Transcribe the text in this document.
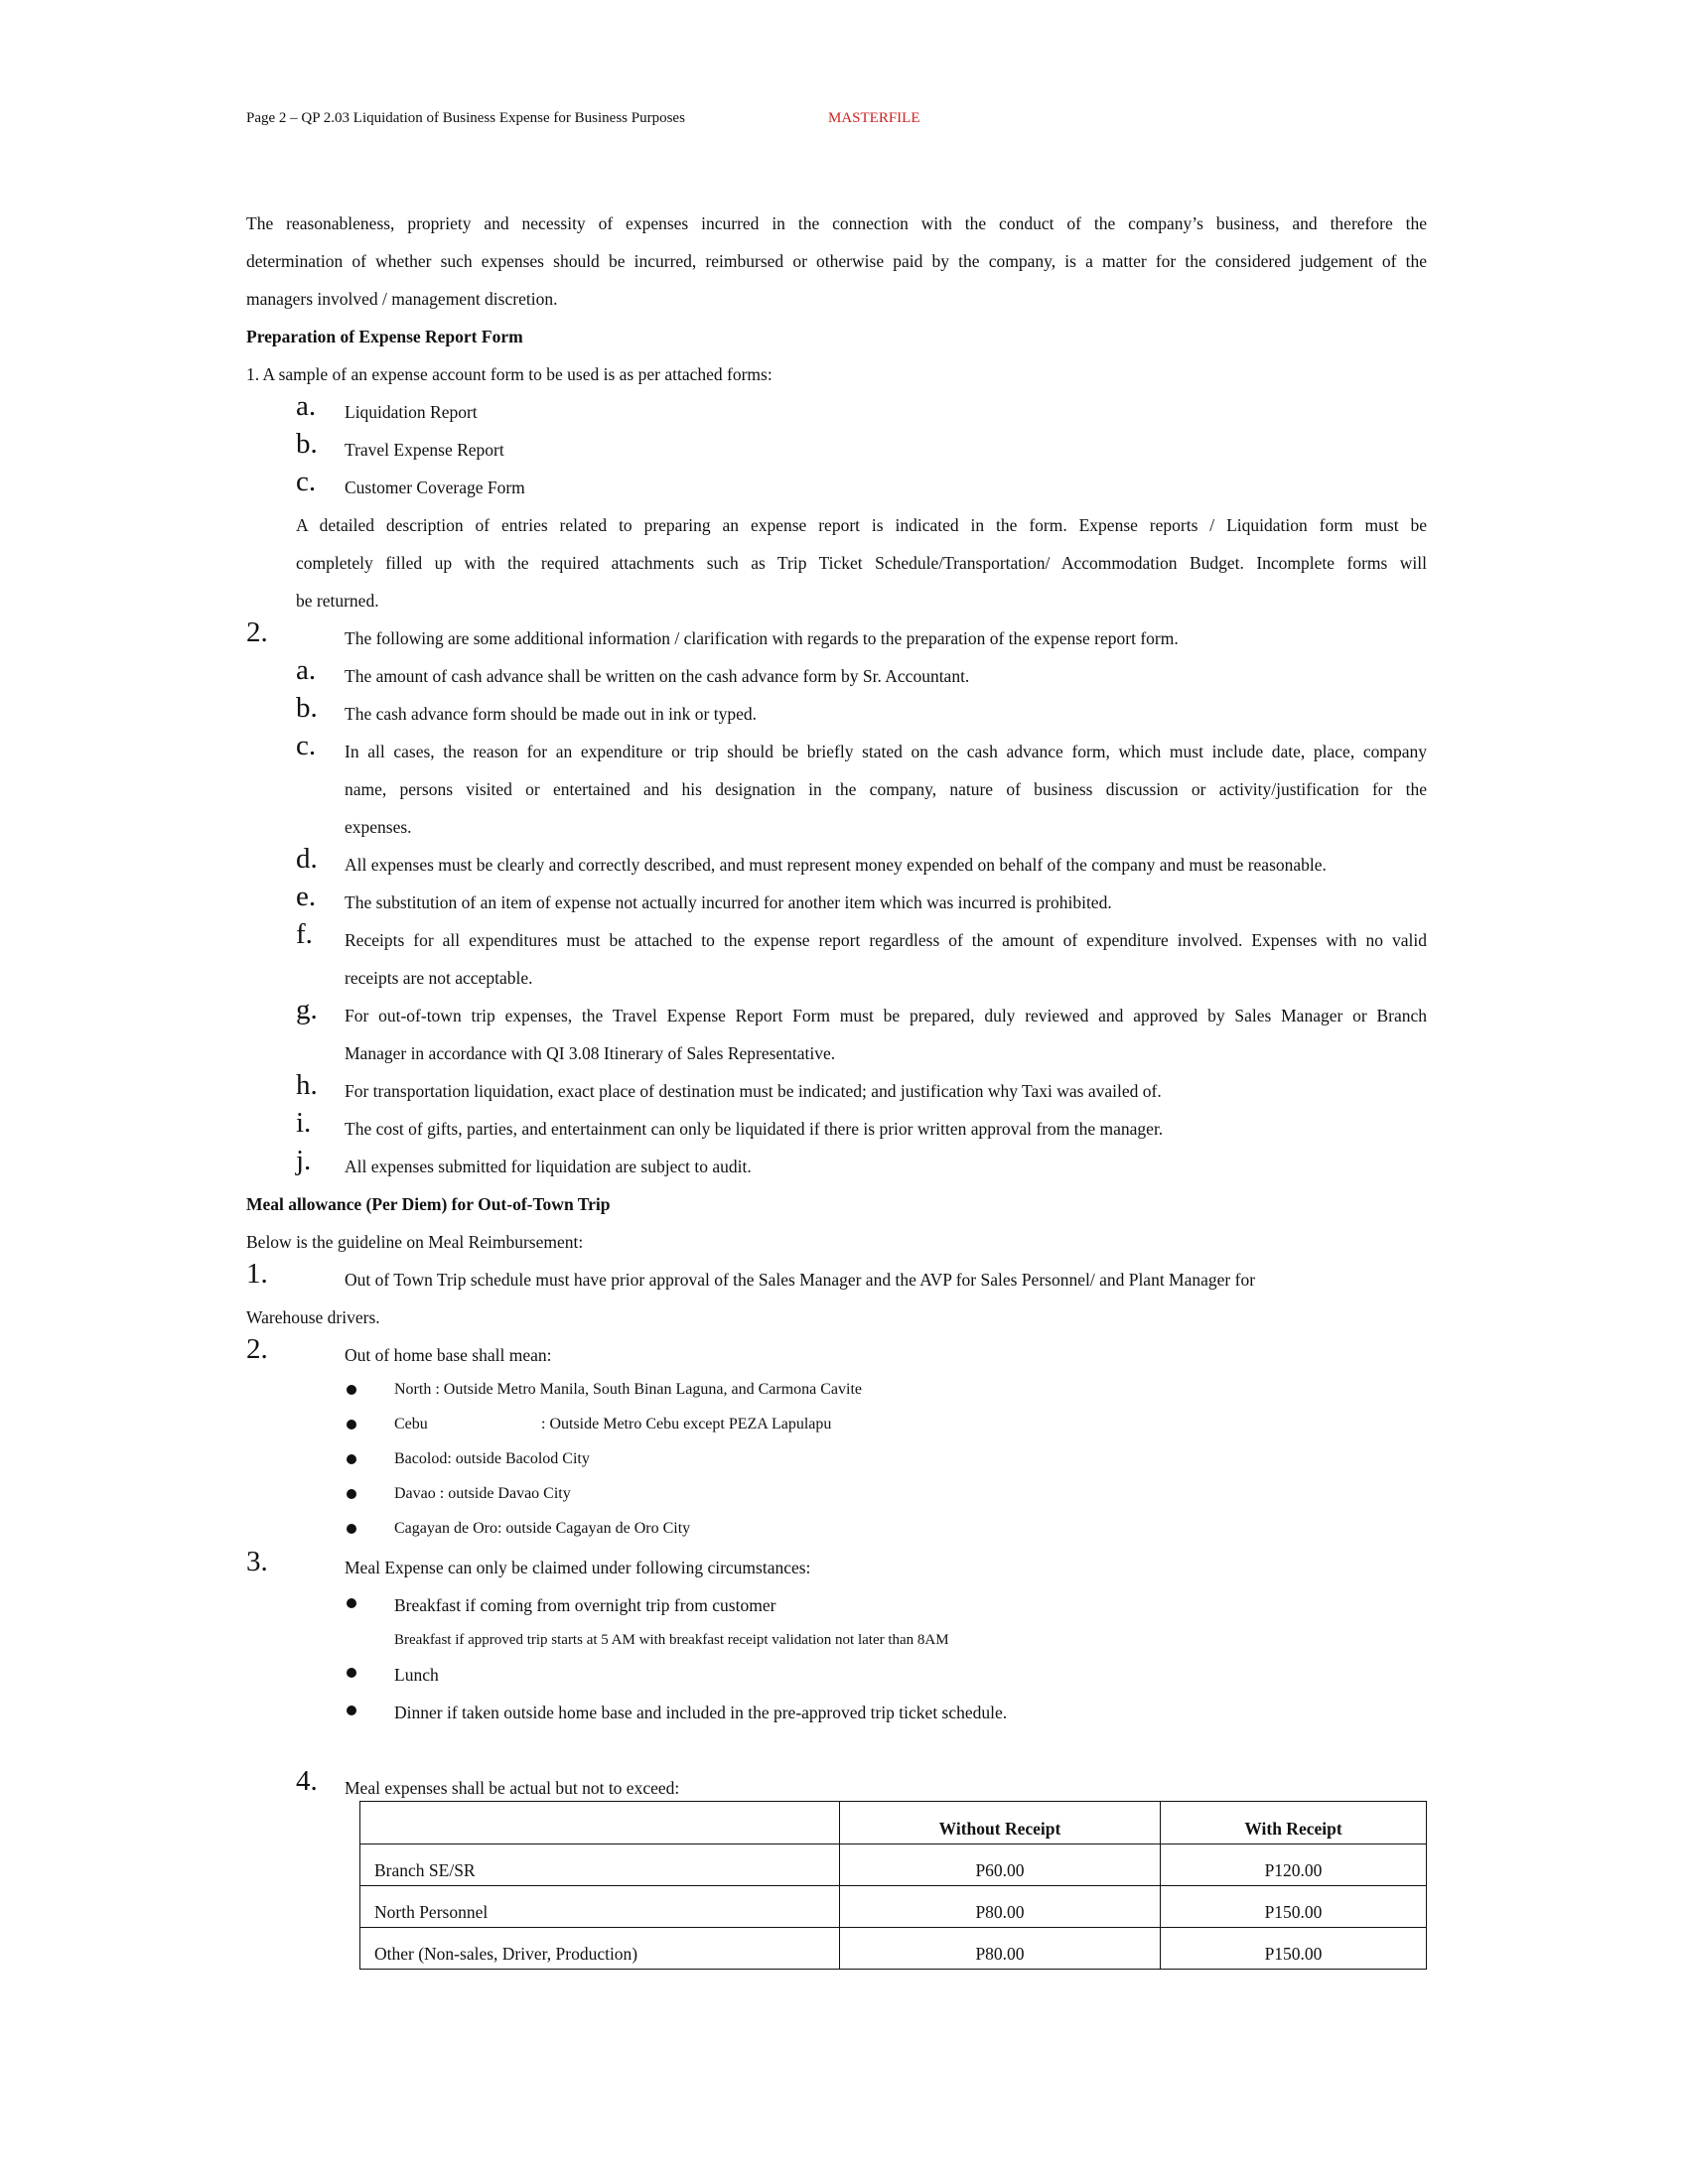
Page 2 – QP 2.03 Liquidation of Business Expense for Business Purposes	MASTERFILE
The reasonableness, propriety and necessity of expenses incurred in the connection with the conduct of the company’s business, and therefore the
determination of whether such expenses should be incurred, reimbursed or otherwise paid by the company, is a matter for the considered judgement of the
managers involved / management discretion.
Preparation of Expense Report Form
1. A sample of an expense account form to be used is as per attached forms:
a. Liquidation Report
b. Travel Expense Report
c. Customer Coverage Form
A detailed description of entries related to preparing an expense report is indicated in the form. Expense reports / Liquidation form must be
completely filled up with the required attachments such as Trip Ticket Schedule/Transportation/ Accommodation Budget. Incomplete forms will
be returned.
2.	The following are some additional information / clarification with regards to the preparation of the expense report form.
a. The amount of cash advance shall be written on the cash advance form by Sr. Accountant.
b. The cash advance form should be made out in ink or typed.
c. In all cases, the reason for an expenditure or trip should be briefly stated on the cash advance form, which must include date, place, company
name, persons visited or entertained and his designation in the company, nature of business discussion or activity/justification for the
expenses.
d. All expenses must be clearly and correctly described, and must represent money expended on behalf of the company and must be reasonable.
e. The substitution of an item of expense not actually incurred for another item which was incurred is prohibited.
f. Receipts for all expenditures must be attached to the expense report regardless of the amount of expenditure involved. Expenses with no valid
receipts are not acceptable.
g. For out-of-town trip expenses, the Travel Expense Report Form must be prepared, duly reviewed and approved by Sales Manager or Branch
Manager in accordance with QI 3.08 Itinerary of Sales Representative.
h. For transportation liquidation, exact place of destination must be indicated; and justification why Taxi was availed of.
i. The cost of gifts, parties, and entertainment can only be liquidated if there is prior written approval from the manager.
j. All expenses submitted for liquidation are subject to audit.
Meal allowance (Per Diem) for Out-of-Town Trip
Below is the guideline on Meal Reimbursement:
1.	Out of Town Trip schedule must have prior approval of the Sales Manager and the AVP for Sales Personnel/ and Plant Manager for
Warehouse drivers.
2.	Out of home base shall mean:
North : Outside Metro Manila, South Binan Laguna, and Carmona Cavite
Cebu	: Outside Metro Cebu except PEZA Lapulapu
Bacolod: outside Bacolod City
Davao : outside Davao City
Cagayan de Oro: outside Cagayan de Oro City
3.	Meal Expense can only be claimed under following circumstances:
Breakfast if coming from overnight trip from customer
Breakfast if approved trip starts at 5 AM with breakfast receipt validation not later than 8AM
Lunch
Dinner if taken outside home base and included in the pre-approved trip ticket schedule.
4. Meal expenses shall be actual but not to exceed:
	Without Receipt	With Receipt
Branch SE/SR	P60.00	P120.00
North Personnel	P80.00	P150.00
Other (Non-sales, Driver, Production)	P80.00	P150.00
